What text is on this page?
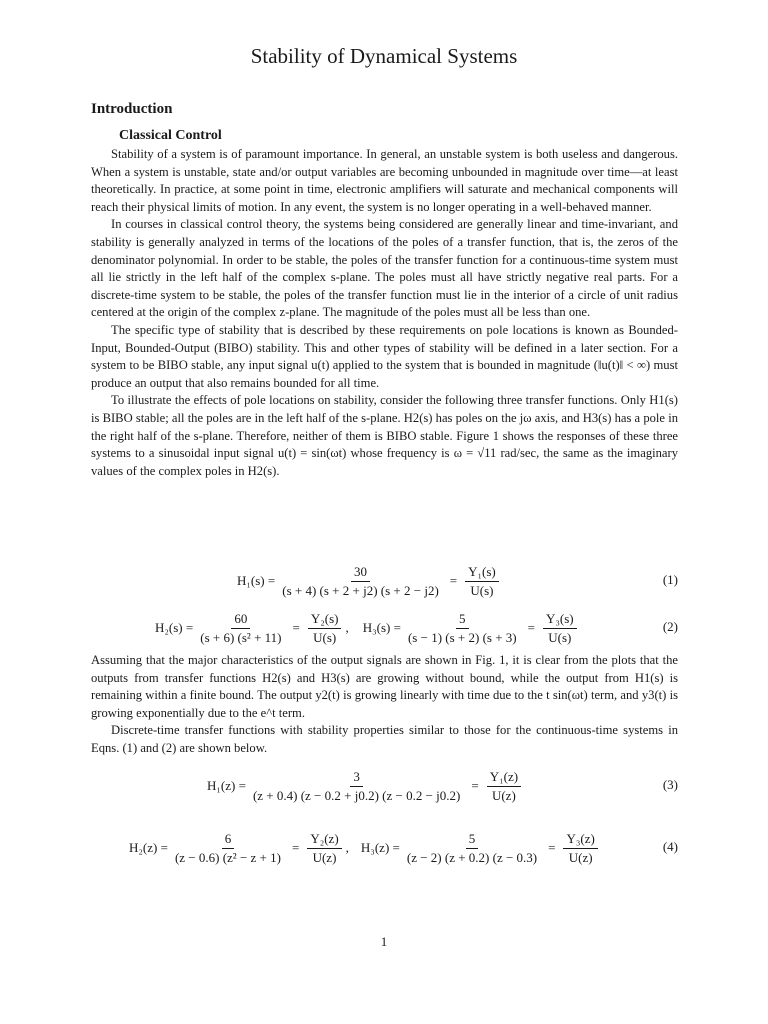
Stability of Dynamical Systems
Introduction
Classical Control

Stability of a system is of paramount importance. In general, an unstable system is both useless and dangerous. When a system is unstable, state and/or output variables are becoming unbounded in magnitude over time—at least theoretically. In practice, at some point in time, electronic amplifiers will saturate and mechanical components will reach their physical limits of motion. In any event, the system is no longer operating in a well-behaved manner.

In courses in classical control theory, the systems being considered are generally linear and time-invariant, and stability is generally analyzed in terms of the locations of the poles of a transfer function, that is, the zeros of the denominator polynomial. In order to be stable, the poles of the transfer function for a continuous-time system must all lie strictly in the left half of the complex s-plane. The poles must all have strictly negative real parts. For a discrete-time system to be stable, the poles of the transfer function must lie in the interior of a circle of unit radius centered at the origin of the complex z-plane. The magnitude of the poles must all be less than one.

The specific type of stability that is described by these requirements on pole locations is known as Bounded-Input, Bounded-Output (BIBO) stability. This and other types of stability will be defined in a later section. For a system to be BIBO stable, any input signal u(t) applied to the system that is bounded in magnitude (‖u(t)‖ < ∞) must produce an output that also remains bounded for all time.

To illustrate the effects of pole locations on stability, consider the following three transfer functions. Only H1(s) is BIBO stable; all the poles are in the left half of the s-plane. H2(s) has poles on the jω axis, and H3(s) has a pole in the right half of the s-plane. Therefore, neither of them is BIBO stable. Figure 1 shows the responses of these three systems to a sinusoidal input signal u(t) = sin(ωt) whose frequency is ω = √11 rad/sec, the same as the imaginary values of the complex poles in H2(s).

$H_1(s) = \frac{30}{(s + 4) (s + 2 + j2) (s + 2 - j2)} = \frac{\text{Y₁(s)}}{U(s)}$	(1)
$H_2(s) = \frac{60}{\text{(s + 6) (s² + 11)}} = \frac{\text{Y₂(s)}}{U(s)}$ , $H_3(s) = \frac{5}{(s - 1) (s + 2) (s + 3)} = \frac{\text{Y₃(s)}}{U(s)}$	(2)

Assuming that the major characteristics of the output signals are shown in Fig. 1, it is clear from the plots that the outputs from transfer functions H2(s) and H3(s) are growing without bound, while the output from H1(s) is remaining within a finite bound. The output y2(t) is growing linearly with time due to the t sin(ωt) term, and y3(t) is growing exponentially due to the e^t term.

Discrete-time transfer functions with stability properties similar to those for the continuous-time systems in Eqns. (1) and (2) are shown below.

$H_1(z) = \frac{3}{(z + 0.4) (z - 0.2 + j0.2) (z - 0.2 - j0.2)} = \frac{\text{Y₁(z)}}{U(z)}$	(3)
$H_2(z) = \frac{6}{\text{(z − 0.6) (z² − z + 1)}} = \frac{\text{Y₂(z)}}{U(z)}$ , $H_3(z) = \frac{5}{(z - 2) (z + 0.2) (z - 0.3)} = \frac{\text{Y₃(z)}}{U(z)}$	(4)
1
